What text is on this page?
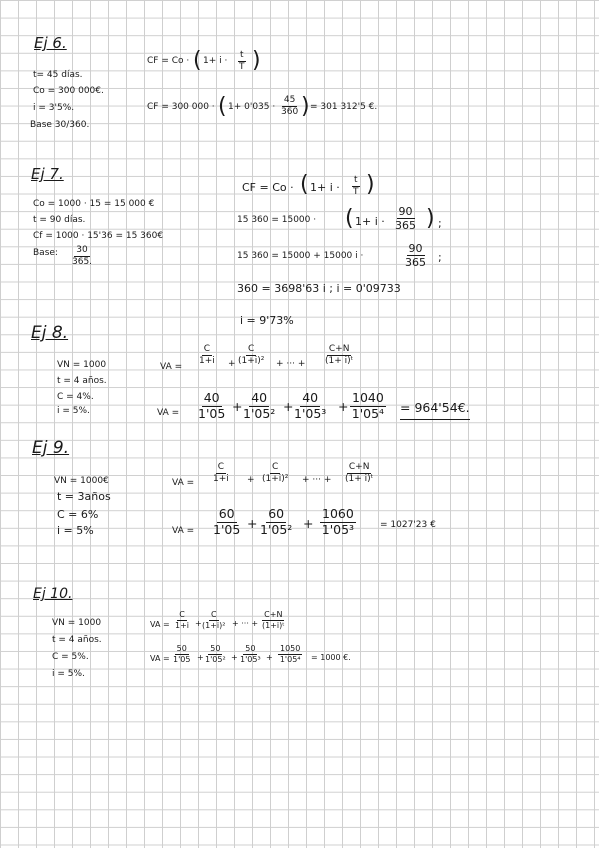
Ej 6.
t= 45 días.
Co = 300 000€.
i = 3'5%.
Base 30/360.
CF = Co · ( $1+ i \cdot \frac{t}{T}$ )
CF = 300 000 · ( $1+ 0'035 \cdot \frac{45}{360}$ ) = 301 312'5 €.
Ej 7.
Co = 1000 · 15 = 15 000 €
t = 90 días.
Cf = 1000 · 15'36 = 15 360€
Base: $\frac{30}{365.}$
CF = Co · ( $1+ i \cdot \frac{t}{T}$ )
15 360 = 15000 · ( $1+ i \cdot \frac{90}{365}$ ) ;
15 360 = 15000 + 15000 i ·	$\frac{90}{365}$ ;
360 = 3698'63 i ; i = 0'09733
i = 9'73%
Ej 8.
VN = 1000
t = 4 años.
C = 4%.
i = 5%.
VA =
$\frac{C}{1+i} + \frac{C}{\text{(1+i)²}}$ + ··· + $\frac{C+N}{\text{(1+ i)ᵗ}}$
VA = $\frac{40}{1'05} + \frac{40}{\text{1'05²}} + \frac{40}{\text{1'05³}} + \frac{1040}{\text{1'05⁴}}$ = 964'54€.
Ej 9.
VN = 1000€
t = 3años
C = 6%
i = 5%
VA = $\frac{C}{1+i} + \frac{C}{\text{(1+i)²}}$ + ··· + $\frac{C+N}{\text{(1+ i)ᵗ}}$
VA = $\frac{60}{1'05} + \frac{60}{\text{1'05²}} + \frac{1060}{\text{1'05³}}$	= 1027'23 €
Ej 10.
VN = 1000
t = 4 años.
C = 5%.
i = 5%.
VA = $\frac{C}{1+i} + \frac{C}{\text{(1+i)²}}$ + ··· + $\frac{C+N}{\text{(1+i)ᵗ}}$
VA = $\frac{50}{1'05} + \frac{50}{\text{1'05²}} + \frac{50}{\text{1'05³}} + \frac{1050}{\text{1'05⁴}} = 1000$ €.
